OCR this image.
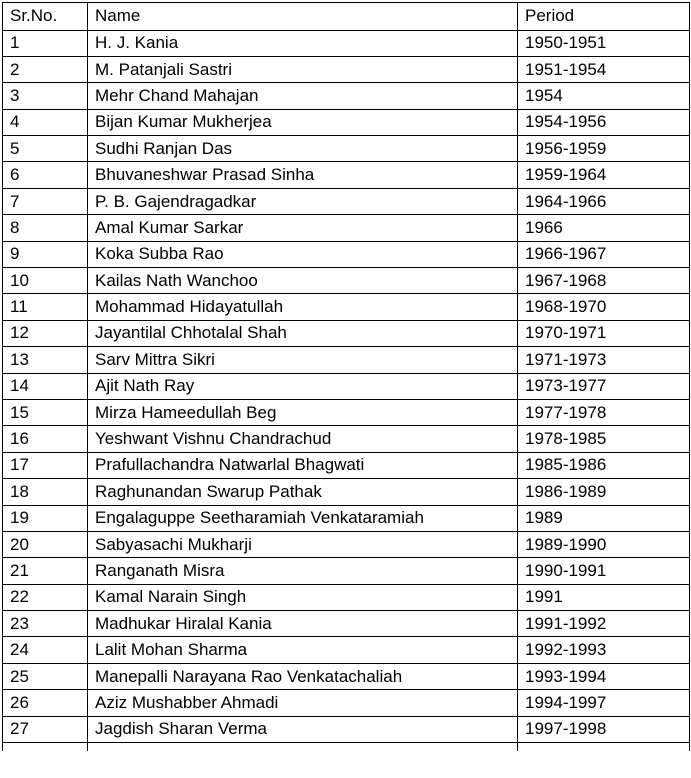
Sr.No.	Name	Period
1	H. J. Kania	1950-1951
2	M. Patanjali Sastri	1951-1954
3	Mehr Chand Mahajan	1954
4	Bijan Kumar Mukherjea	1954-1956
5	Sudhi Ranjan Das	1956-1959
6	Bhuvaneshwar Prasad Sinha	1959-1964
7	P. B. Gajendragadkar	1964-1966
8	Amal Kumar Sarkar	1966
9	Koka Subba Rao	1966-1967
10	Kailas Nath Wanchoo	1967-1968
11	Mohammad Hidayatullah	1968-1970
12	Jayantilal Chhotalal Shah	1970-1971
13	Sarv Mittra Sikri	1971-1973
14	Ajit Nath Ray	1973-1977
15	Mirza Hameedullah Beg	1977-1978
16	Yeshwant Vishnu Chandrachud	1978-1985
17	Prafullachandra Natwarlal Bhagwati	1985-1986
18	Raghunandan Swarup Pathak	1986-1989
19	Engalaguppe Seetharamiah Venkataramiah	1989
20	Sabyasachi Mukharji	1989-1990
21	Ranganath Misra	1990-1991
22	Kamal Narain Singh	1991
23	Madhukar Hiralal Kania	1991-1992
24	Lalit Mohan Sharma	1992-1993
25	Manepalli Narayana Rao Venkatachaliah	1993-1994
26	Aziz Mushabber Ahmadi	1994-1997
27	Jagdish Sharan Verma	1997-1998
